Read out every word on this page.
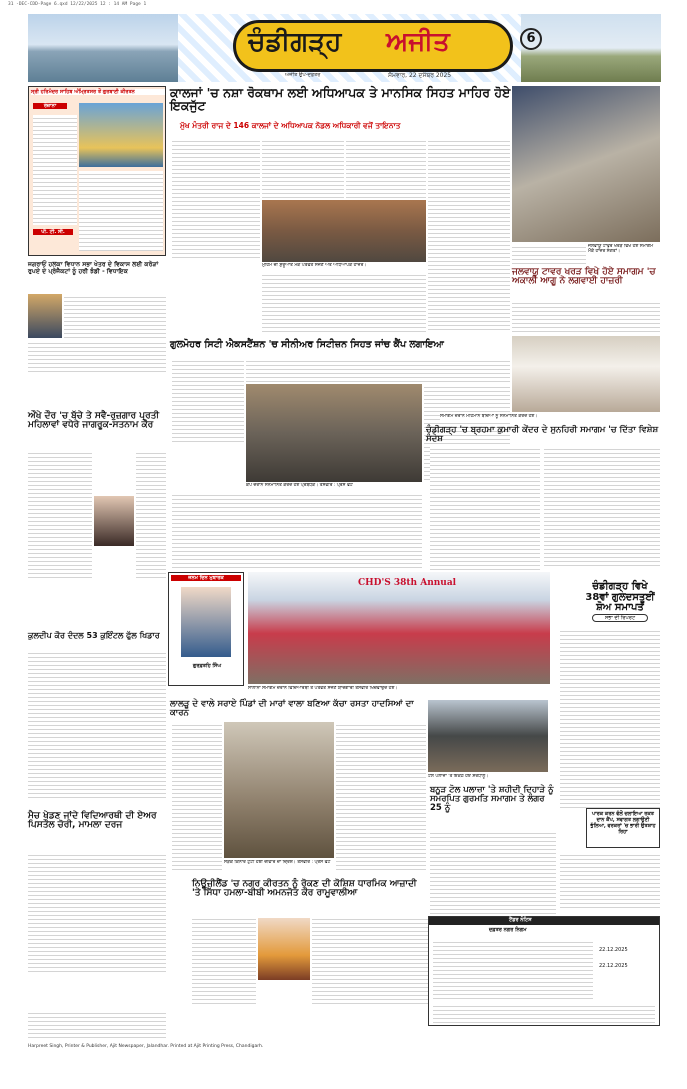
31 -DEC-CDD-Page 6.qxd 12/22/2025 12 : 14 AM Page 1
ਚੰਡੀਗੜ੍ਹ ਅਜੀਤ
ਅਜੀਤ ਉਪ-ਦਫ਼ਤਰ	ਸੋਮਵਾਰ, 22 ਦਸੰਬਰ 2025
6
ਸ੍ਰੀ ਹਰਿਮੰਦਰ ਸਾਹਿਬ ਅੰਮ੍ਰਿਤਸਰ ਤੋਂ ਗੁਰਬਾਣੀ ਕੀਰਤਨ
ਰੋਜ਼ਾਨਾ
ਪੀ. ਟੀ. ਸੀ.
ਕਾਲਜਾਂ 'ਚ ਨਸ਼ਾ ਰੋਕਥਾਮ ਲਈ ਅਧਿਆਪਕ ਤੇ ਮਾਨਸਿਕ ਸਿਹਤ ਮਾਹਿਰ ਹੋਏ ਇਕਜੁੱਟ
ਮੁੱਖ ਮੰਤਰੀ ਰਾਜ ਦੇ 146 ਕਾਲਜਾਂ ਦੇ ਅਧਿਆਪਕ ਨੋਡਲ ਅਧਿਕਾਰੀ ਵਜੋਂ ਤਾਇਨਾਤ
ਮੁਹਿੰਮ ਦੀ ਸ਼ੁਰੂਆਤ ਮੌਕੇ ਪਤਵੰਤੇ ਸੱਜਣ ਅਤੇ ਅਧਿਆਪਕ ਹਾਜ਼ਰ।
ਜਲਵਾਯੂ ਟਾਵਰ ਖਰੜ ਵਿਖੇ ਹੋਏ ਸਮਾਗਮ ਮੌਕੇ ਹਾਜ਼ਰ ਸੰਗਤਾਂ।
ਜਲਵਾਯੂ ਟਾਵਰ ਖਰੜ ਵਿਖੇ ਹੋਏ ਸਮਾਗਮ 'ਚ ਅਕਾਲੀ ਆਗੂ ਨੇ ਲਗਵਾਈ ਹਾਜ਼ਰੀ
ਜਗਰਾਓਂ ਹਲਕਾ ਵਿਧਾਨ ਸਭਾ ਖੇਤਰ ਦੇ ਵਿਕਾਸ ਲਈ ਕਰੋੜਾਂ ਰੁਪਏ ਦੇ ਪ੍ਰੋਜੈਕਟਾਂ ਨੂੰ ਹਰੀ ਝੰਡੀ - ਵਿਧਾਇਕ
ਗੁਲਮੋਹਰ ਸਿਟੀ ਐਕਸਟੈਂਸ਼ਨ 'ਚ ਸੀਨੀਅਰ ਸਿਟੀਜ਼ਨ ਸਿਹਤ ਜਾਂਚ ਕੈਂਪ ਲਗਾਇਆ
ਕੈਂਪ ਦੌਰਾਨ ਸਨਮਾਨਿਤ ਕਰਦੇ ਹੋਏ ਪ੍ਰਬੰਧਕ। ਤਸਵੀਰ : ਪ੍ਰੈੱਸ ਫੋਟੋ
ਸਮਾਗਮ ਦੌਰਾਨ ਮਹਿਮਾਨ ਬੱਚਿਆਂ ਨੂੰ ਸਨਮਾਨਿਤ ਕਰਦੇ ਹੋਏ।
ਚੰਡੀਗੜ੍ਹ 'ਚ ਬ੍ਰਹਮਾ ਕੁਮਾਰੀ ਕੇਂਦਰ ਦੇ ਸੁਨਹਿਰੀ ਸਮਾਗਮ 'ਚ ਦਿੱਤਾ ਵਿਸ਼ੇਸ਼ ਸੰਦੇਸ਼
ਔਖੇ ਦੌਰ 'ਚ ਬੱਚੇ ਤੇ ਸਵੈ-ਰੁਜ਼ਗਾਰ ਪ੍ਰਤੀ ਮਹਿਲਾਵਾਂ ਵਧੇਰੇ ਜਾਗਰੂਕ-ਸਤਨਾਮ ਕੌਰ
ਜਨਮ ਦਿਨ ਮੁਬਾਰਕ
ਗੁਰਫ਼ਤਹਿ ਸਿੰਘ
CHD'S 38th Annual
ਸਾਲਾਨਾ ਸਮਾਗਮ ਦੌਰਾਨ ਵਿਦਿਆਰਥੀ ਤੇ ਪਤਵੰਤੇ ਸੱਜਣ ਯਾਦਗਾਰੀ ਤਸਵੀਰ ਖਿਚਵਾਉਂਦੇ ਹੋਏ।
ਚੰਡੀਗੜ੍ਹ ਵਿਖੇ 38ਵਾਂ ਗੁਲਦਸਤੂਈਂ ਸ਼ੋਅ ਸਮਾਪਤ
ਸਭਾ ਦੀ ਰਿਪੋਰਟ
ਪਾਰਕ ਕਰਨ ਵੱਲੋਂ ਚਲਾਇਆ ਰਕਤ ਦਾਨ ਕੈਂਪ, ਸਵਾਗਤ ਲਗਾਉਣੀ ਭੁੱਲਿਆ, ਵਰਕਰਾਂ 'ਚ ਭਾਰੀ ਉਤਸ਼ਾਹ ਰਿਹਾ
ਕੁਲਦੀਪ ਕੌਰ ਦੰਦਲ 53 ਕੁਇੰਟਲ ਫੁੱਲ ਖਿਡਾਰ
ਮੈਚ ਖੇਡਣ ਜਾਂਦੇ ਵਿਦਿਆਰਥੀ ਦੀ ਏਅਰ ਪਿਸਤੌਲ ਚੋਰੀ, ਮਾਮਲਾ ਦਰਜ
ਲਾਲੜੂ ਦੇ ਵਾਲੇ ਸਰਾਏ ਪਿੰਡਾਂ ਦੀ ਮਾਰਾਂ ਵਾਲਾ ਬਣਿਆ ਕੱਚਾ ਰਸਤਾ ਹਾਦਸਿਆਂ ਦਾ ਕਾਰਨ
ਸੜਕ ਕਿਨਾਰੇ ਟੁੱਟੀ ਹੋਈ ਦੀਵਾਰ ਦਾ ਦ੍ਰਿਸ਼। ਤਸਵੀਰ : ਪ੍ਰੈੱਸ ਫੋਟੋ
ਟੋਲ ਪਲਾਜ਼ਾ 'ਤੇ ਇਕੱਠੇ ਹੋਏ ਸ਼ਰਧਾਲੂ।
ਬਨੂੜ ਟੋਲ ਪਲਾਜ਼ਾ 'ਤੇ ਸ਼ਹੀਦੀ ਦਿਹਾੜੇ ਨੂੰ ਸਮਰਪਿਤ ਗੁਰਮਤਿ ਸਮਾਗਮ ਤੇ ਲੰਗਰ 25 ਨੂੰ
ਨਿਊਜ਼ੀਲੈਂਡ 'ਚ ਨਗਰ ਕੀਰਤਨ ਨੂੰ ਰੋਕਣ ਦੀ ਕੋਸ਼ਿਸ਼ ਧਾਰਮਿਕ ਆਜ਼ਾਦੀ 'ਤੇ ਸਿੱਧਾ ਹਮਲਾ-ਬੀਬੀ ਅਮਨਜੋਤ ਕੌਰ ਰਾਮੂਵਾਲੀਆ
ਟੈਂਡਰ ਨੋਟਿਸ
ਦਫ਼ਤਰ ਨਗਰ ਨਿਗਮ
22.12.2025
22.12.2025
Harpreet Singh, Printer & Publisher, Ajit Newspaper, Jalandhar. Printed at Ajit Printing Press, Chandigarh.
